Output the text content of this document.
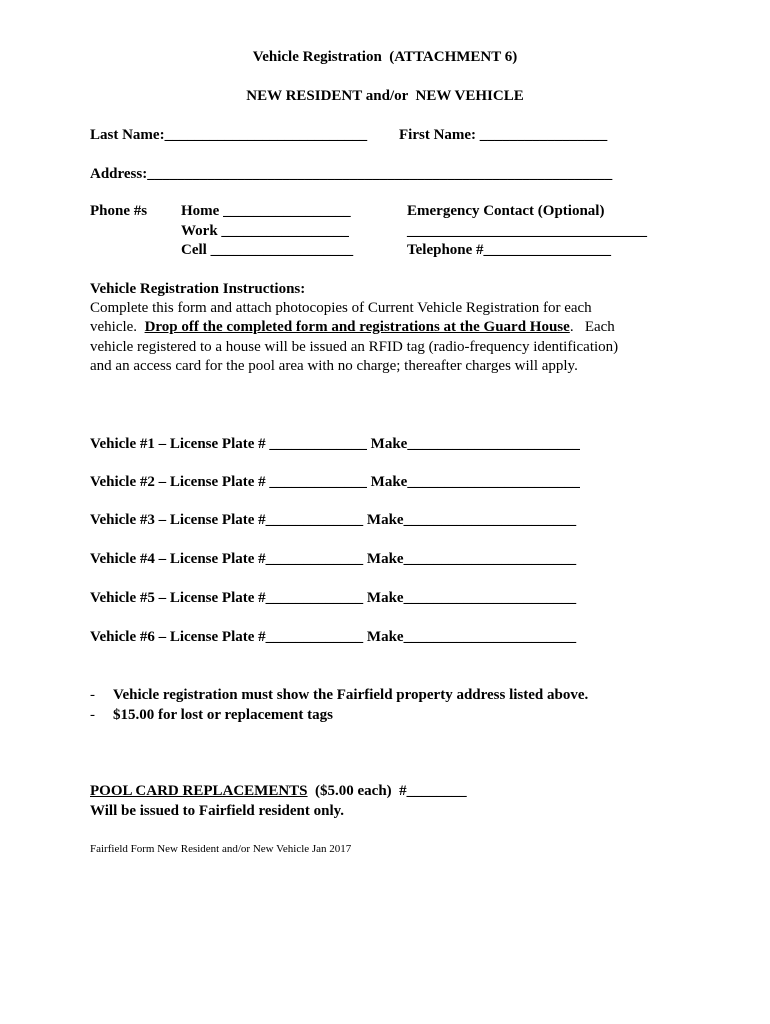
Vehicle Registration  (ATTACHMENT 6)
NEW RESIDENT and/or  NEW VEHICLE
Last Name:___________________________ First Name: _________________
Address:______________________________________________________________
Phone #s Home _________________
Work _________________
Cell ___________________
Emergency Contact (Optional)
________________________________
Telephone #_________________
Vehicle Registration Instructions:
Complete this form and attach photocopies of Current Vehicle Registration for each
vehicle.  Drop off the completed form and registrations at the Guard House.   Each
vehicle registered to a house will be issued an RFID tag (radio-frequency identification)
and an access card for the pool area with no charge; thereafter charges will apply.
Vehicle #1 – License Plate # _____________ Make_______________________
Vehicle #2 – License Plate # _____________ Make_______________________
Vehicle #3 – License Plate #_____________ Make_______________________
Vehicle #4 – License Plate #_____________ Make_______________________
Vehicle #5 – License Plate #_____________ Make_______________________
Vehicle #6 – License Plate #_____________ Make_______________________
- Vehicle registration must show the Fairfield property address listed above.
- $15.00 for lost or replacement tags
POOL CARD REPLACEMENTS  ($5.00 each)  #________
Will be issued to Fairfield resident only.
Fairfield Form New Resident and/or New Vehicle Jan 2017
